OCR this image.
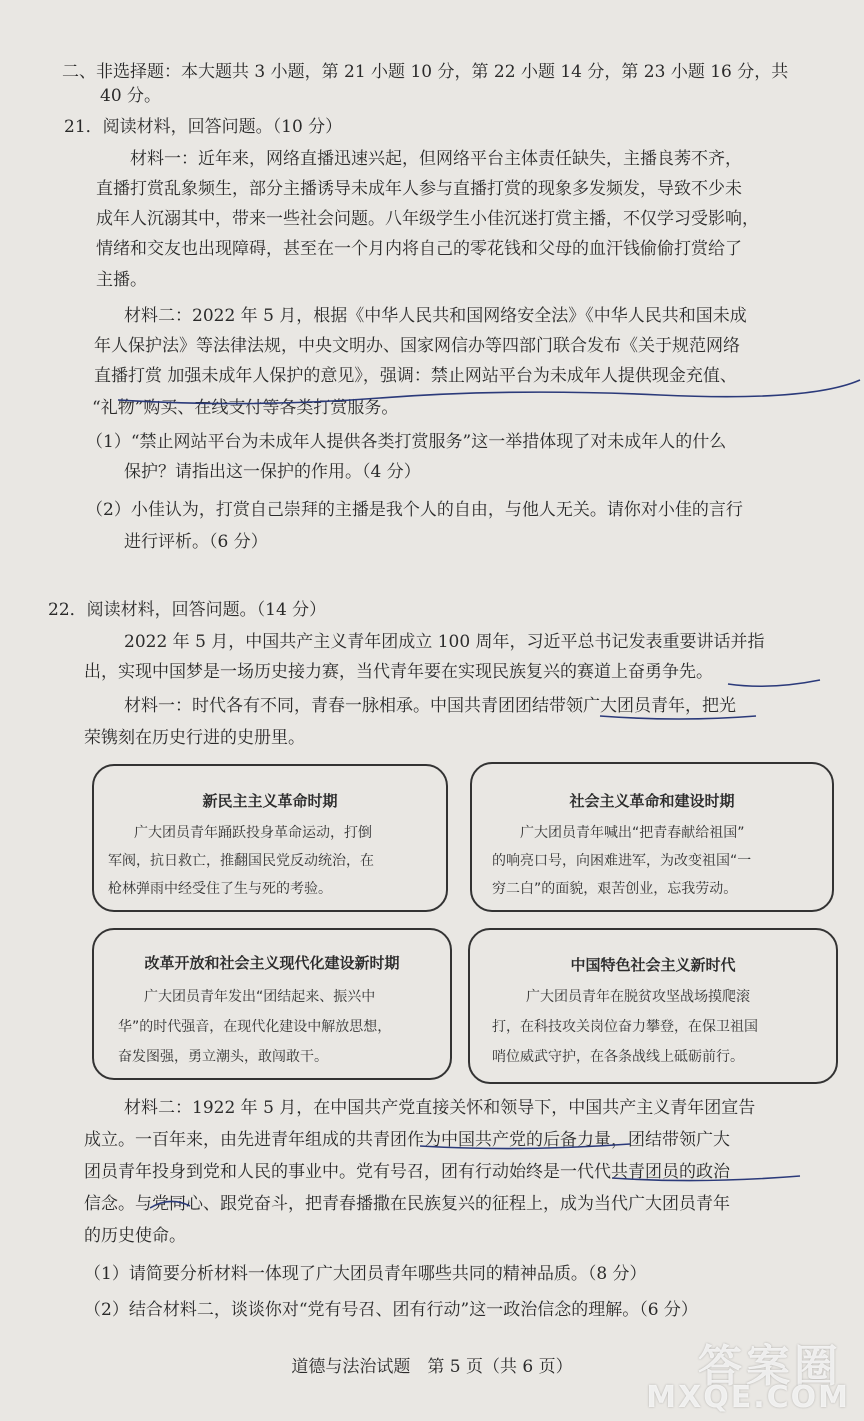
二、非选择题：本大题共 3 小题，第 21 小题 10 分，第 22 小题 14 分，第 23 小题 16 分，共
40 分。
21．阅读材料，回答问题。（10 分）
材料一：近年来，网络直播迅速兴起，但网络平台主体责任缺失，主播良莠不齐，
直播打赏乱象频生，部分主播诱导未成年人参与直播打赏的现象多发频发，导致不少未
成年人沉溺其中，带来一些社会问题。八年级学生小佳沉迷打赏主播，不仅学习受影响，
情绪和交友也出现障碍，甚至在一个月内将自己的零花钱和父母的血汗钱偷偷打赏给了
主播。
材料二：2022 年 5 月，根据《中华人民共和国网络安全法》《中华人民共和国未成
年人保护法》等法律法规，中央文明办、国家网信办等四部门联合发布《关于规范网络
直播打赏 加强未成年人保护的意见》，强调：禁止网站平台为未成年人提供现金充值、
“礼物”购买、在线支付等各类打赏服务。
（1）“禁止网站平台为未成年人提供各类打赏服务”这一举措体现了对未成年人的什么
保护？请指出这一保护的作用。（4 分）
（2）小佳认为，打赏自己崇拜的主播是我个人的自由，与他人无关。请你对小佳的言行
进行评析。（6 分）
22．阅读材料，回答问题。（14 分）
2022 年 5 月，中国共产主义青年团成立 100 周年，习近平总书记发表重要讲话并指
出，实现中国梦是一场历史接力赛，当代青年要在实现民族复兴的赛道上奋勇争先。
材料一：时代各有不同，青春一脉相承。中国共青团团结带领广大团员青年，把光
荣镌刻在历史行进的史册里。
新民主主义革命时期
广大团员青年踊跃投身革命运动，打倒
军阀，抗日救亡，推翻国民党反动统治，在
枪林弹雨中经受住了生与死的考验。
社会主义革命和建设时期
广大团员青年喊出“把青春献给祖国”
的响亮口号，向困难进军，为改变祖国“一
穷二白”的面貌，艰苦创业，忘我劳动。
改革开放和社会主义现代化建设新时期
广大团员青年发出“团结起来、振兴中
华”的时代强音，在现代化建设中解放思想，
奋发图强，勇立潮头，敢闯敢干。
中国特色社会主义新时代
广大团员青年在脱贫攻坚战场摸爬滚
打，在科技攻关岗位奋力攀登，在保卫祖国
哨位威武守护，在各条战线上砥砺前行。
材料二：1922 年 5 月，在中国共产党直接关怀和领导下，中国共产主义青年团宣告
成立。一百年来，由先进青年组成的共青团作为中国共产党的后备力量，团结带领广大
团员青年投身到党和人民的事业中。党有号召，团有行动始终是一代代共青团员的政治
信念。与党同心、跟党奋斗，把青春播撒在民族复兴的征程上，成为当代广大团员青年
的历史使命。
（1）请简要分析材料一体现了广大团员青年哪些共同的精神品质。（8 分）
（2）结合材料二，谈谈你对“党有号召、团有行动”这一政治信念的理解。（6 分）
道德与法治试题　第 5 页（共 6 页）	答案圈
MXQE.COM
